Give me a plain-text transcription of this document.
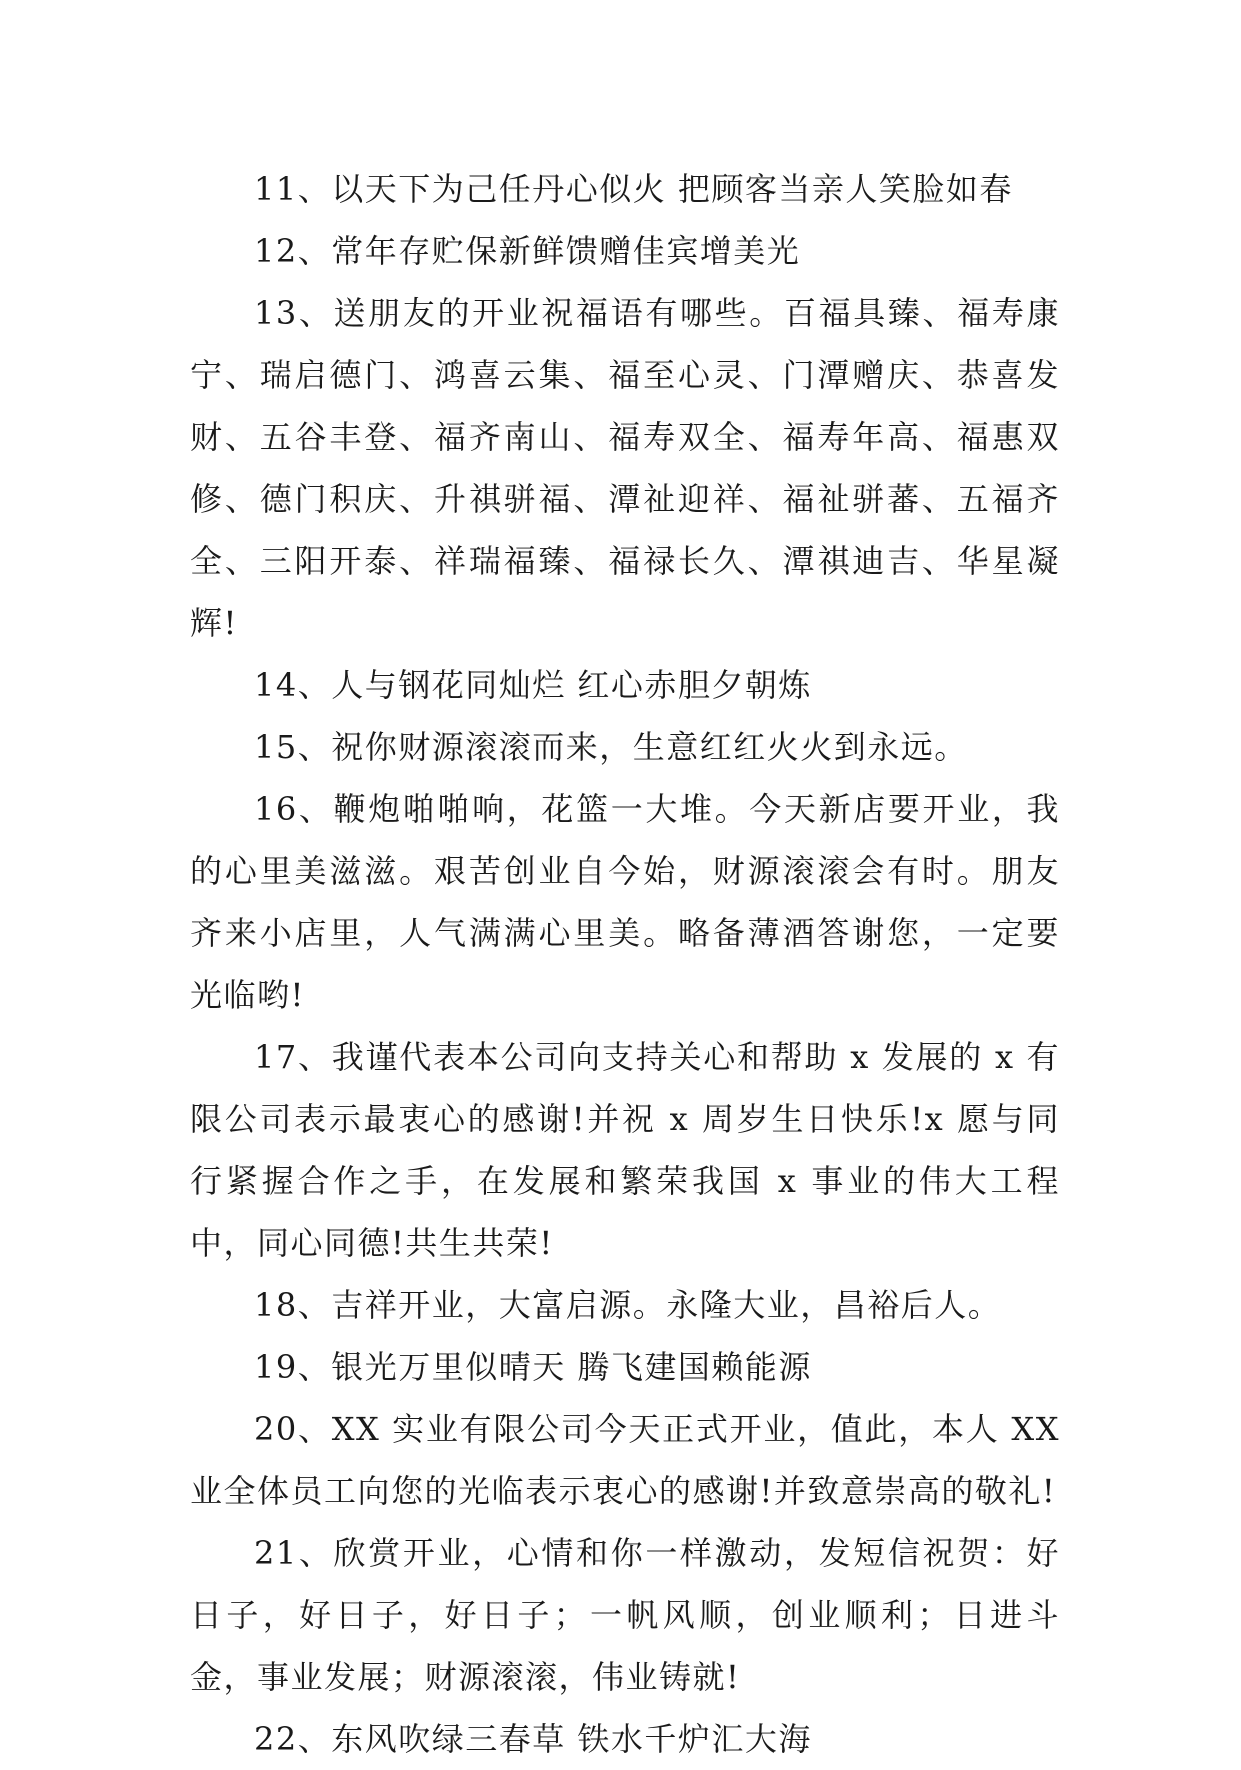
11、以天下为己任丹心似火 把顾客当亲人笑脸如春

12、常年存贮保新鲜馈赠佳宾增美光

13、送朋友的开业祝福语有哪些。百福具臻、福寿康宁、瑞启德门、鸿喜云集、福至心灵、门潭赠庆、恭喜发财、五谷丰登、福齐南山、福寿双全、福寿年高、福惠双修、德门积庆、升祺骈福、潭祉迎祥、福祉骈蕃、五福齐全、三阳开泰、祥瑞福臻、福禄长久、潭祺迪吉、华星凝辉!

14、人与钢花同灿烂 红心赤胆夕朝炼

15、祝你财源滚滚而来，生意红红火火到永远。

16、鞭炮啪啪响，花篮一大堆。今天新店要开业，我的心里美滋滋。艰苦创业自今始，财源滚滚会有时。朋友齐来小店里，人气满满心里美。略备薄酒答谢您，一定要光临哟!

17、我谨代表本公司向支持关心和帮助 x 发展的 x 有限公司表示最衷心的感谢!并祝 x 周岁生日快乐!x 愿与同行紧握合作之手，在发展和繁荣我国 x 事业的伟大工程中，同心同德!共生共荣!

18、吉祥开业，大富启源。永隆大业，昌裕后人。

19、银光万里似晴天 腾飞建国赖能源

20、XX 实业有限公司今天正式开业，值此，本人 XX 业全体员工向您的光临表示衷心的感谢!并致意崇高的敬礼!

21、欣赏开业，心情和你一样激动，发短信祝贺：好日子，好日子，好日子；一帆风顺，创业顺利；日进斗金，事业发展；财源滚滚，伟业铸就!

22、东风吹绿三春草 铁水千炉汇大海
